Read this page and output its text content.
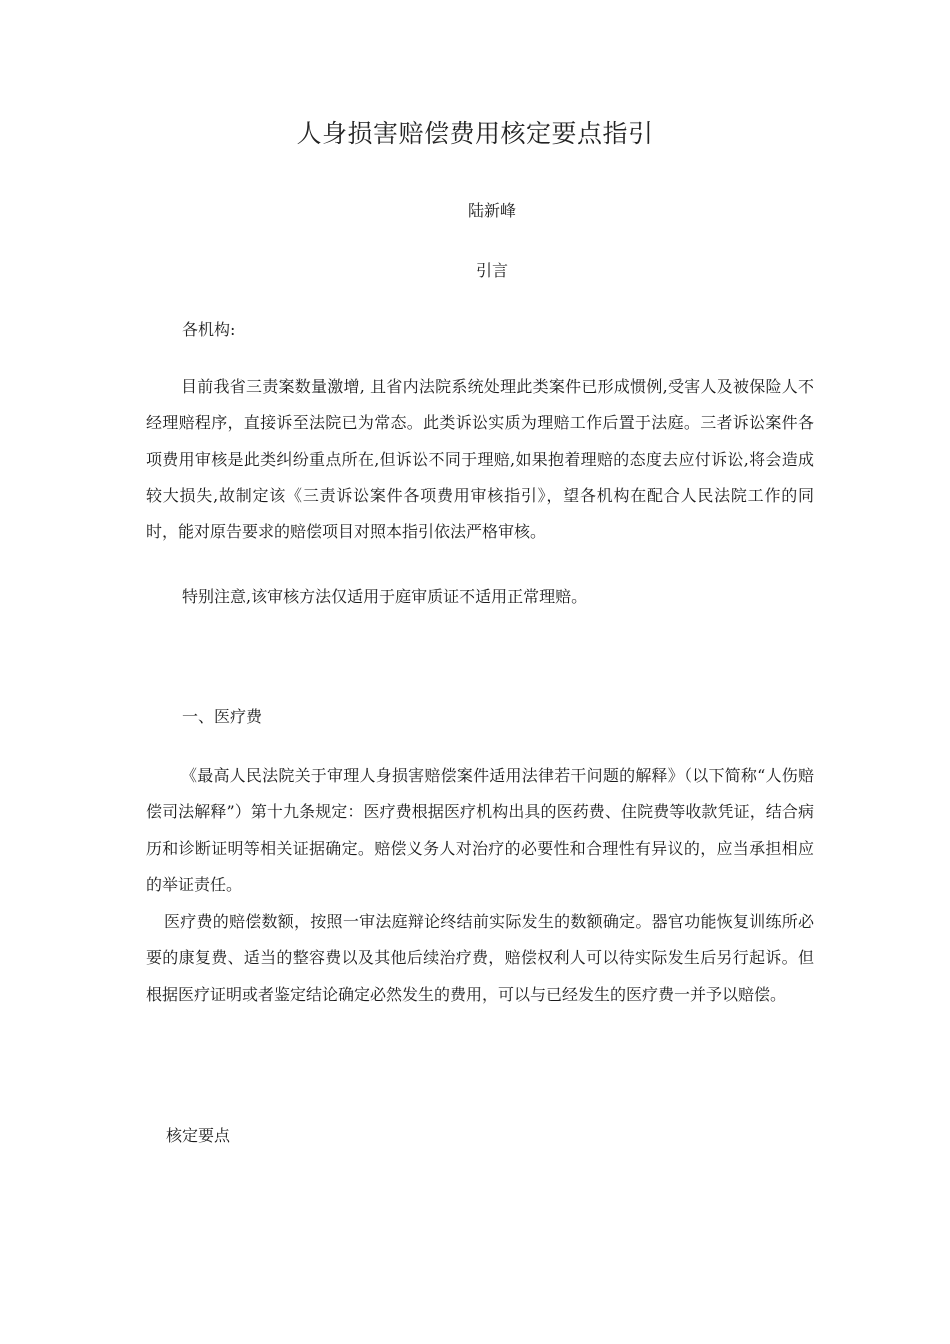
人身损害赔偿费用核定要点指引
陆新峰
引言
各机构:

目前我省三责案数量激增, 且省内法院系统处理此类案件已形成惯例,受害人及被保险人不经理赔程序，直接诉至法院已为常态。此类诉讼实质为理赔工作后置于法庭。三者诉讼案件各项费用审核是此类纠纷重点所在,但诉讼不同于理赔,如果抱着理赔的态度去应付诉讼,将会造成较大损失,故制定该《三责诉讼案件各项费用审核指引》，望各机构在配合人民法院工作的同时，能对原告要求的赔偿项目对照本指引依法严格审核。

特别注意,该审核方法仅适用于庭审质证不适用正常理赔。
一、医疗费

《最高人民法院关于审理人身损害赔偿案件适用法律若干问题的解释》（以下简称“人伤赔偿司法解释”）第十九条规定：医疗费根据医疗机构出具的医药费、住院费等收款凭证，结合病历和诊断证明等相关证据确定。赔偿义务人对治疗的必要性和合理性有异议的，应当承担相应的举证责任。

医疗费的赔偿数额，按照一审法庭辩论终结前实际发生的数额确定。器官功能恢复训练所必要的康复费、适当的整容费以及其他后续治疗费，赔偿权利人可以待实际发生后另行起诉。但根据医疗证明或者鉴定结论确定必然发生的费用，可以与已经发生的医疗费一并予以赔偿。

核定要点
